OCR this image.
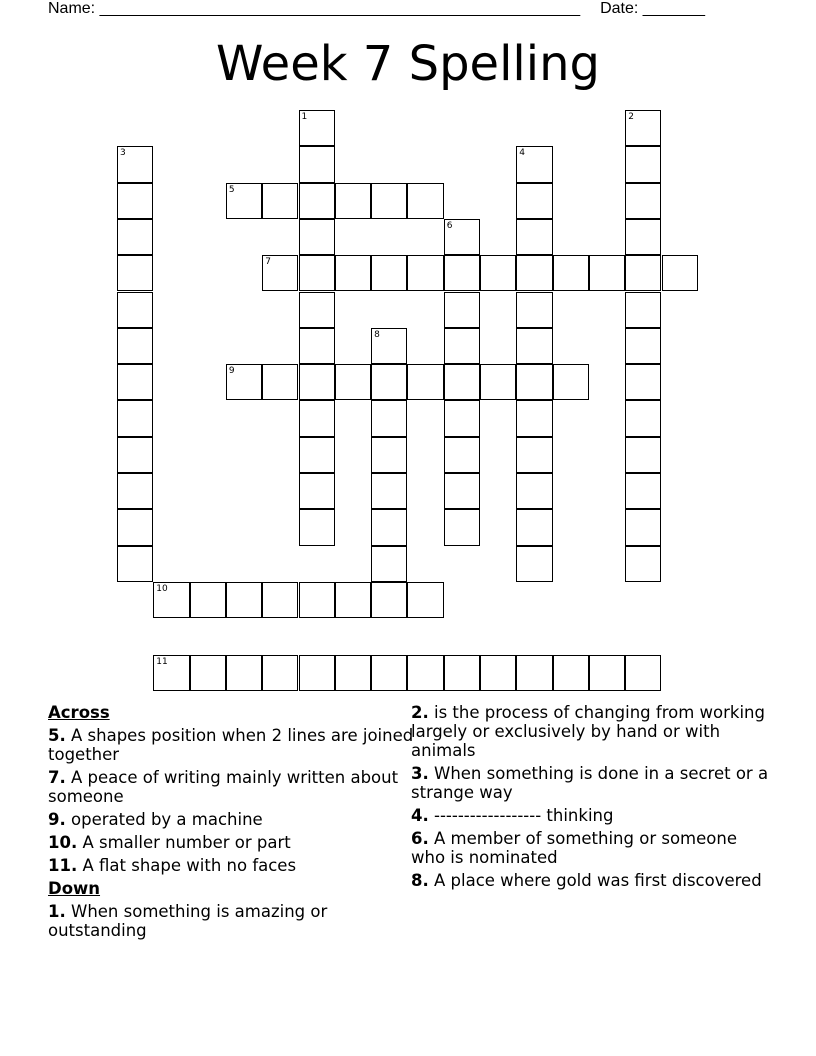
Name: ______________________________________________________ Date: _______
Week 7 Spelling
1	2
3	4
5
6
7
8
9
10
11
Across
5. A shapes position when 2 lines are joined together
7. A peace of writing mainly written about someone
9. operated by a machine
10. A smaller number or part
11. A flat shape with no faces
Down
1. When something is amazing or outstanding
2. is the process of changing from working largely or exclusively by hand or with animals
3. When something is done in a secret or a strange way
4. ------------------ thinking
6. A member of something or someone who is nominated
8. A place where gold was first discovered
